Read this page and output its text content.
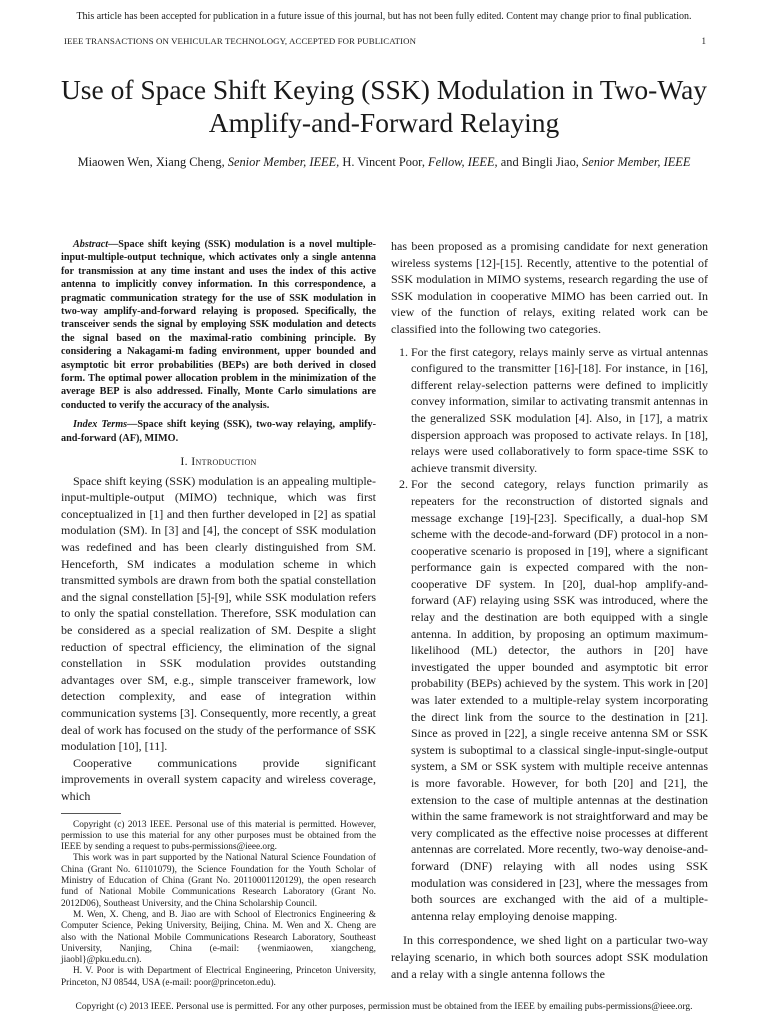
This article has been accepted for publication in a future issue of this journal, but has not been fully edited. Content may change prior to final publication.
IEEE TRANSACTIONS ON VEHICULAR TECHNOLOGY, ACCEPTED FOR PUBLICATION	1
Use of Space Shift Keying (SSK) Modulation in Two-Way Amplify-and-Forward Relaying
Miaowen Wen, Xiang Cheng, Senior Member, IEEE, H. Vincent Poor, Fellow, IEEE, and Bingli Jiao, Senior Member, IEEE

Abstract—Space shift keying (SSK) modulation is a novel multiple-input-multiple-output technique, which activates only a single antenna for transmission at any time instant and uses the index of this active antenna to implicitly convey information. In this correspondence, a pragmatic communication strategy for the use of SSK modulation in two-way amplify-and-forward relaying is proposed. Specifically, the transceiver sends the signal by employing SSK modulation and detects the signal based on the maximal-ratio combining principle. By considering a Nakagami-m fading environment, upper bounded and asymptotic bit error probabilities (BEPs) are both derived in closed form. The optimal power allocation problem in the minimization of the average BEP is also addressed. Finally, Monte Carlo simulations are conducted to verify the accuracy of the analysis.

Index Terms—Space shift keying (SSK), two-way relaying, amplify-and-forward (AF), MIMO.

I. Introduction

Space shift keying (SSK) modulation is an appealing multiple-input-multiple-output (MIMO) technique, which was first conceptualized in [1] and then further developed in [2] as spatial modulation (SM). In [3] and [4], the concept of SSK modulation was redefined and has been clearly distinguished from SM. Henceforth, SM indicates a modulation scheme in which transmitted symbols are drawn from both the spatial constellation and the signal constellation [5]-[9], while SSK modulation refers to only the spatial constellation. Therefore, SSK modulation can be considered as a special realization of SM. Despite a slight reduction of spectral efficiency, the elimination of the signal constellation in SSK modulation provides outstanding advantages over SM, e.g., simple transceiver framework, low detection complexity, and ease of integration within communication systems [3]. Consequently, more recently, a great deal of work has focused on the study of the performance of SSK modulation [10], [11].

Cooperative communications provide significant improvements in overall system capacity and wireless coverage, which

Copyright (c) 2013 IEEE. Personal use of this material is permitted. However, permission to use this material for any other purposes must be obtained from the IEEE by sending a request to pubs-permissions@ieee.org.

This work was in part supported by the National Natural Science Foundation of China (Grant No. 61101079), the Science Foundation for the Youth Scholar of Ministry of Education of China (Grant No. 20110001120129), the open research fund of National Mobile Communications Research Laboratory (Grant No. 2012D06), Southeast University, and the China Scholarship Council.

M. Wen, X. Cheng, and B. Jiao are with School of Electronics Engineering & Computer Science, Peking University, Beijing, China. M. Wen and X. Cheng are also with the National Mobile Communications Research Laboratory, Southeast University, Nanjing, China (e-mail: {wenmiaowen, xiangcheng, jiaobl}@pku.edu.cn).

H. V. Poor is with Department of Electrical Engineering, Princeton University, Princeton, NJ 08544, USA (e-mail: poor@princeton.edu).

has been proposed as a promising candidate for next generation wireless systems [12]-[15]. Recently, attentive to the potential of SSK modulation in MIMO systems, research regarding the use of SSK modulation in cooperative MIMO has been carried out. In view of the function of relays, exiting related work can be classified into the following two categories.

1. For the first category, relays mainly serve as virtual antennas configured to the transmitter [16]-[18]. For instance, in [16], different relay-selection patterns were defined to implicitly convey information, similar to activating transmit antennas in the generalized SSK modulation [4]. Also, in [17], a matrix dispersion approach was proposed to activate relays. In [18], relays were used collaboratively to form space-time SSK to achieve transmit diversity.
2. For the second category, relays function primarily as repeaters for the reconstruction of distorted signals and message exchange [19]-[23]. Specifically, a dual-hop SM scheme with the decode-and-forward (DF) protocol in a non-cooperative scenario is proposed in [19], where a significant performance gain is expected compared with the non-cooperative DF system. In [20], dual-hop amplify-and-forward (AF) relaying using SSK was introduced, where the relay and the destination are both equipped with a single antenna. In addition, by proposing an optimum maximum-likelihood (ML) detector, the authors in [20] have investigated the upper bounded and asymptotic bit error probability (BEPs) achieved by the system. This work in [20] was later extended to a multiple-relay system incorporating the direct link from the source to the destination in [21]. Since as proved in [22], a single receive antenna SM or SSK system is suboptimal to a classical single-input-single-output system, a SM or SSK system with multiple receive antennas is more favorable. However, for both [20] and [21], the extension to the case of multiple antennas at the destination within the same framework is not straightforward and may be very complicated as the effective noise processes at different antennas are correlated. More recently, two-way denoise-and-forward (DNF) relaying with all nodes using SSK modulation was considered in [23], where the messages from both sources are exchanged with the aid of a multiple-antenna relay employing denoise mapping.

In this correspondence, we shed light on a particular two-way relaying scenario, in which both sources adopt SSK modulation and a relay with a single antenna follows the

Copyright (c) 2013 IEEE. Personal use is permitted. For any other purposes, permission must be obtained from the IEEE by emailing pubs-permissions@ieee.org.
